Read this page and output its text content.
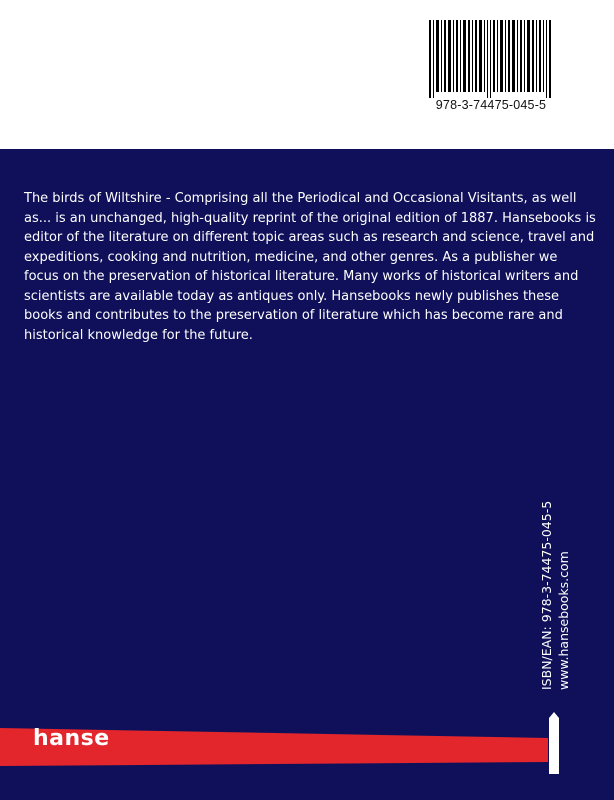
978-3-74475-045-5

The birds of Wiltshire - Comprising all the Periodical and Occasional Visitants, as well as... is an unchanged, high-quality reprint of the original edition of 1887. Hansebooks is editor of the literature on different topic areas such as research and science, travel and expeditions, cooking and nutrition, medicine, and other genres. As a publisher we focus on the preservation of historical literature. Many works of historical writers and scientists are available today as antiques only. Hansebooks newly publishes these books and contributes to the preservation of literature which has become rare and historical knowledge for the future.

ISBN/EAN: 978-3-74475-045-5 www.hansebooks.com
hanse
